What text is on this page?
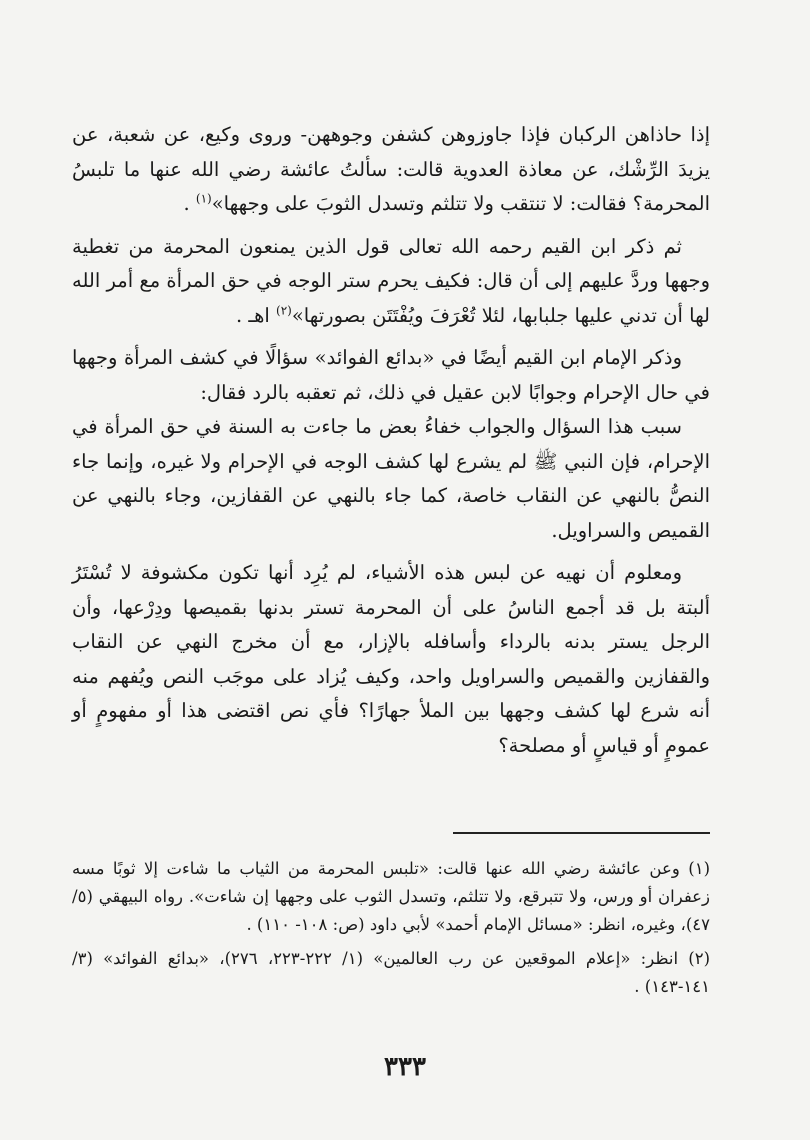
إذا حاذاهن الركبان فإذا جاوزوهن كشفن وجوههن- وروى وكيع، عن شعبة، عن يزيدَ الرِّشْك، عن معاذة العدوية قالت: سألتُ عائشة رضي الله عنها ما تلبسُ المحرمة؟ فقالت: لا تنتقب ولا تتلثم وتسدل الثوبَ على وجهها»$^{(١)}$ .

ثم ذكر ابن القيم رحمه الله تعالى قول الذين يمنعون المحرمة من تغطية وجهها وردَّ عليهم إلى أن قال: فكيف يحرم ستر الوجه في حق المرأة مع أمر الله لها أن تدني عليها جلبابها، لئلا تُعْرَفَ ويُفْتَتَن بصورتها»$^{(٢)}$ اهـ .

وذكر الإمام ابن القيم أيضًا في «بدائع الفوائد» سؤالًا في كشف المرأة وجهها في حال الإحرام وجوابًا لابن عقيل في ذلك، ثم تعقبه بالرد فقال:

سبب هذا السؤال والجواب خفاءُ بعض ما جاءت به السنة في حق المرأة في الإحرام، فإن النبي ﷺ لم يشرع لها كشف الوجه في الإحرام ولا غيره، وإنما جاء النصُّ بالنهي عن النقاب خاصة، كما جاء بالنهي عن القفازين، وجاء بالنهي عن القميص والسراويل.

ومعلوم أن نهيه عن لبس هذه الأشياء، لم يُرِد أنها تكون مكشوفة لا تُسْتَرُ ألبتة بل قد أجمع الناسُ على أن المحرمة تستر بدنها بقميصها ودِرْعها، وأن الرجل يستر بدنه بالرداء وأسافله بالإزار، مع أن مخرج النهي عن النقاب والقفازين والقميص والسراويل واحد، وكيف يُزاد على موجَب النص ويُفهم منه أنه شرع لها كشف وجهها بين الملأ جهارًا؟ فأي نص اقتضى هذا أو مفهومٍ أو عمومٍ أو قياسٍ أو مصلحة؟

(١) وعن عائشة رضي الله عنها قالت: «تلبس المحرمة من الثياب ما شاءت إلا ثوبًا مسه زعفران أو ورس، ولا تتبرقع، ولا تتلثم، وتسدل الثوب على وجهها إن شاءت». رواه البيهقي (٥/ ٤٧)، وغيره، انظر: «مسائل الإمام أحمد» لأبي داود (ص: ١٠٨- ١١٠) .

(٢) انظر: «إعلام الموقعين عن رب العالمين» (١/ ٢٢٢-٢٢٣، ٢٧٦)، «بدائع الفوائد» (٣/ ١٤١-١٤٣) .

٣٣٣
